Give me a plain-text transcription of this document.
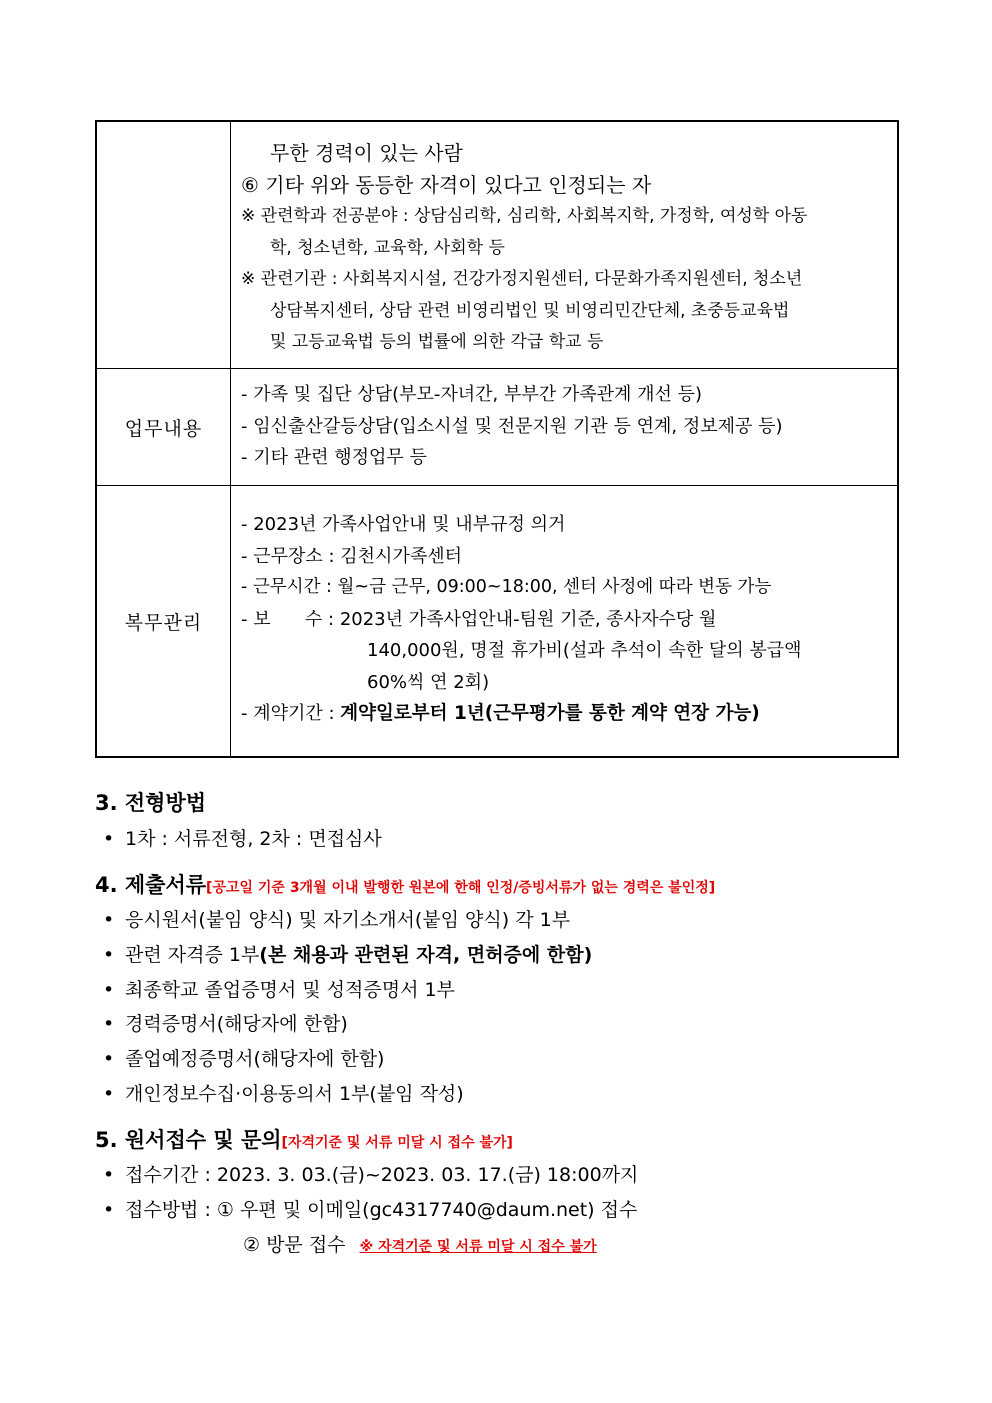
무한 경력이 있는 사람
⑥ 기타 위와 동등한 자격이 있다고 인정되는 자
※ 관련학과 전공분야 : 상담심리학, 심리학, 사회복지학, 가정학, 여성학 아동
학, 청소년학, 교육학, 사회학 등
※ 관련기관 : 사회복지시설, 건강가정지원센터, 다문화가족지원센터, 청소년
상담복지센터, 상담 관련 비영리법인 및 비영리민간단체, 초중등교육법
및 고등교육법 등의 법률에 의한 각급 학교 등
업무내용
- 가족 및 집단 상담(부모-자녀간, 부부간 가족관계 개선 등)
- 임신출산갈등상담(입소시설 및 전문지원 기관 등 연계, 정보제공 등)
- 기타 관련 행정업무 등
복무관리
- 2023년 가족사업안내 및 내부규정 의거
- 근무장소 : 김천시가족센터
- 근무시간 : 월~금 근무, 09:00~18:00, 센터 사정에 따라 변동 가능
- 보      수 : 2023년 가족사업안내-팀원 기준, 종사자수당 월
140,000원, 명절 휴가비(설과 추석이 속한 달의 봉급액
60%씩 연 2회)
- 계약기간 : 계약일로부터 1년(근무평가를 통한 계약 연장 가능)
3. 전형방법
• 1차 : 서류전형, 2차 : 면접심사
4. 제출서류[공고일 기준 3개월 이내 발행한 원본에 한해 인정/증빙서류가 없는 경력은 불인정]
• 응시원서(붙임 양식) 및 자기소개서(붙임 양식) 각 1부
• 관련 자격증 1부(본 채용과 관련된 자격, 면허증에 한함)
• 최종학교 졸업증명서 및 성적증명서 1부
• 경력증명서(해당자에 한함)
• 졸업예정증명서(해당자에 한함)
• 개인정보수집·이용동의서 1부(붙임 작성)
5. 원서접수 및 문의[자격기준 및 서류 미달 시 접수 불가]
• 접수기간 : 2023. 3. 03.(금)~2023. 03. 17.(금) 18:00까지
• 접수방법 : ① 우편 및 이메일(gc4317740@daum.net) 접수
② 방문 접수 ※ 자격기준 및 서류 미달 시 접수 불가
